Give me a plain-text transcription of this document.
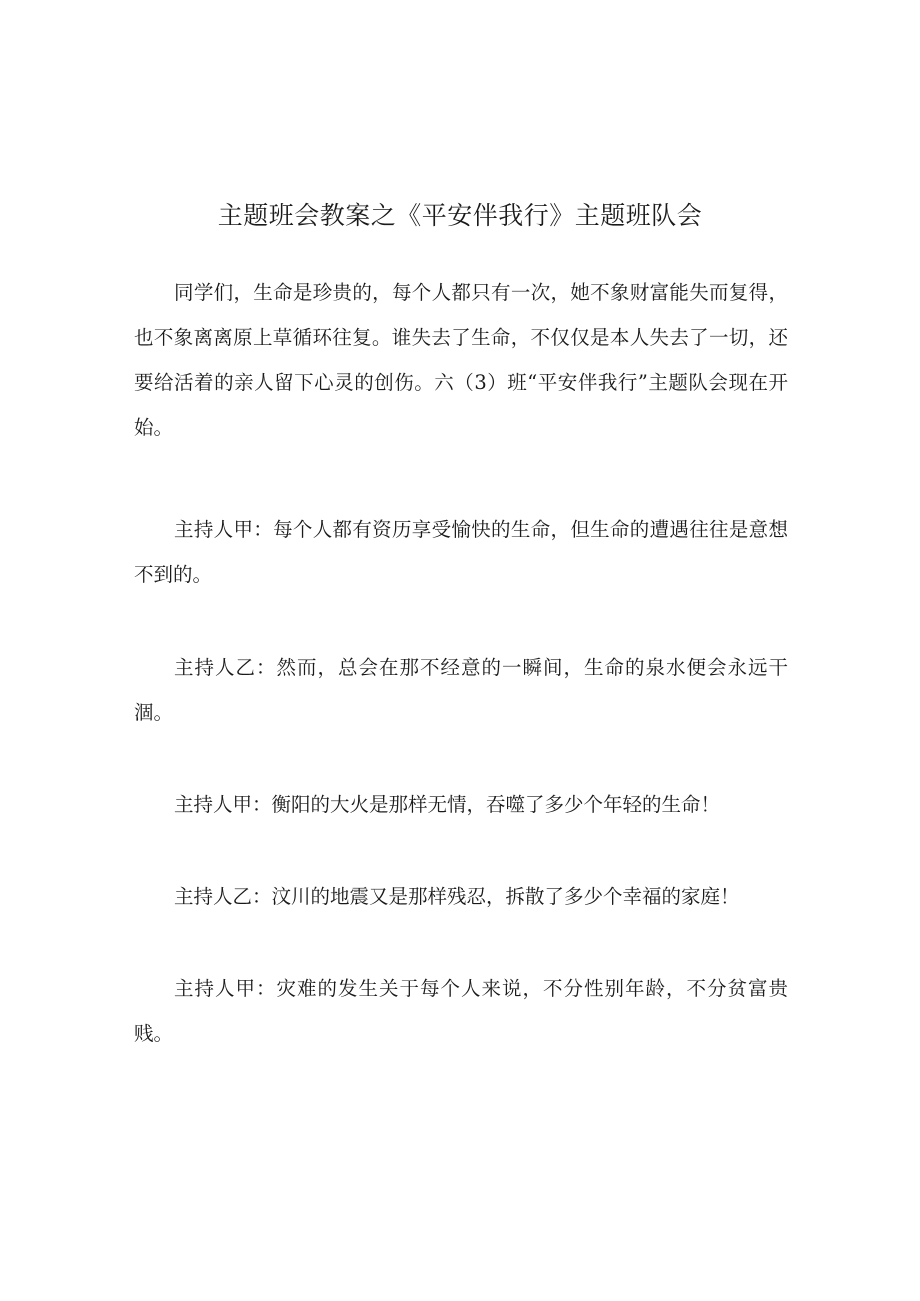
主题班会教案之《平安伴我行》主题班队会

同学们，生命是珍贵的，每个人都只有一次，她不象财富能失而复得，也不象离离原上草循环往复。谁失去了生命，不仅仅是本人失去了一切，还要给活着的亲人留下心灵的创伤。六（3）班“平安伴我行”主题队会现在开始。

主持人甲：每个人都有资历享受愉快的生命，但生命的遭遇往往是意想不到的。

主持人乙：然而，总会在那不经意的一瞬间，生命的泉水便会永远干涸。

主持人甲：衡阳的大火是那样无情，吞噬了多少个年轻的生命！

主持人乙：汶川的地震又是那样残忍，拆散了多少个幸福的家庭！

主持人甲：灾难的发生关于每个人来说，不分性别年龄，不分贫富贵贱。
